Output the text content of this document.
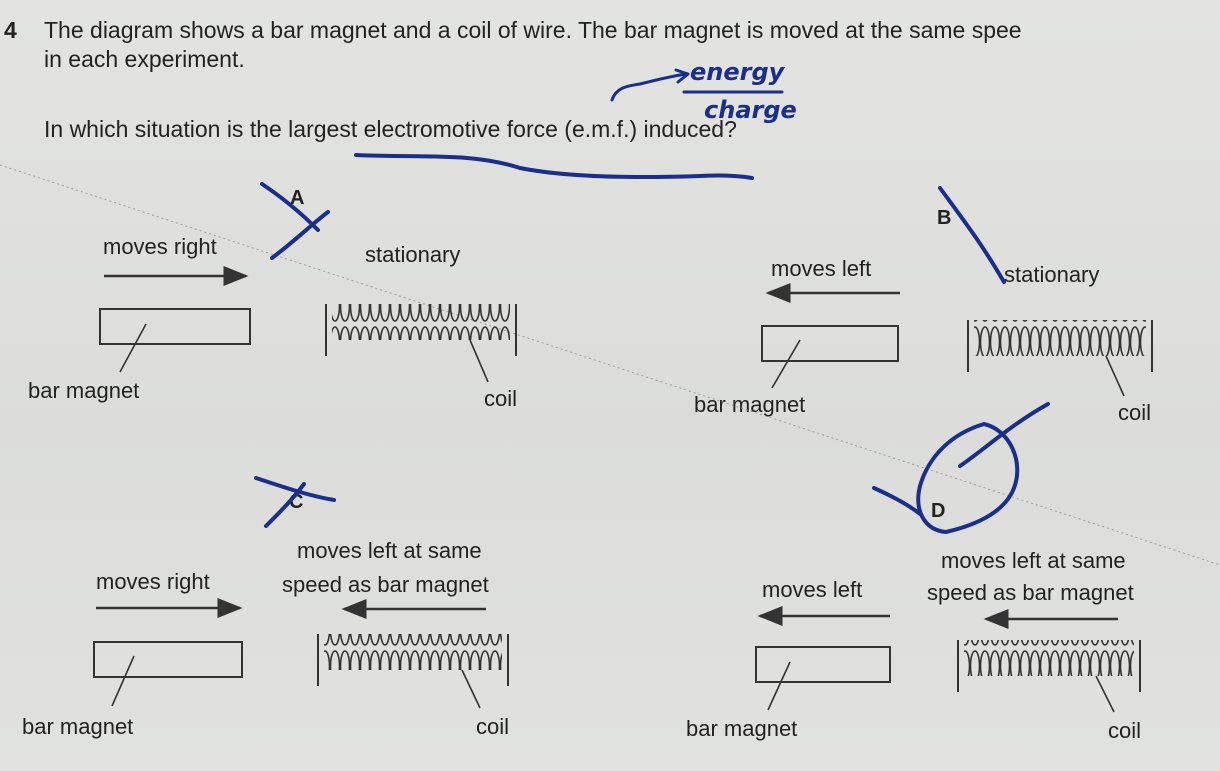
4 The diagram shows a bar magnet and a coil of wire. The bar magnet is moved at the same spee
in each experiment.
In which situation is the largest electromotive force (e.m.f.) induced?
A
B
C	D
moves right	stationary
bar magnet	coil
moves left	stationary
bar magnet	coil
moves left at same
moves right	speed as bar magnet
bar magnet	coil
moves left at same
moves left	speed as bar magnet
bar magnet	coil
energy
charge
